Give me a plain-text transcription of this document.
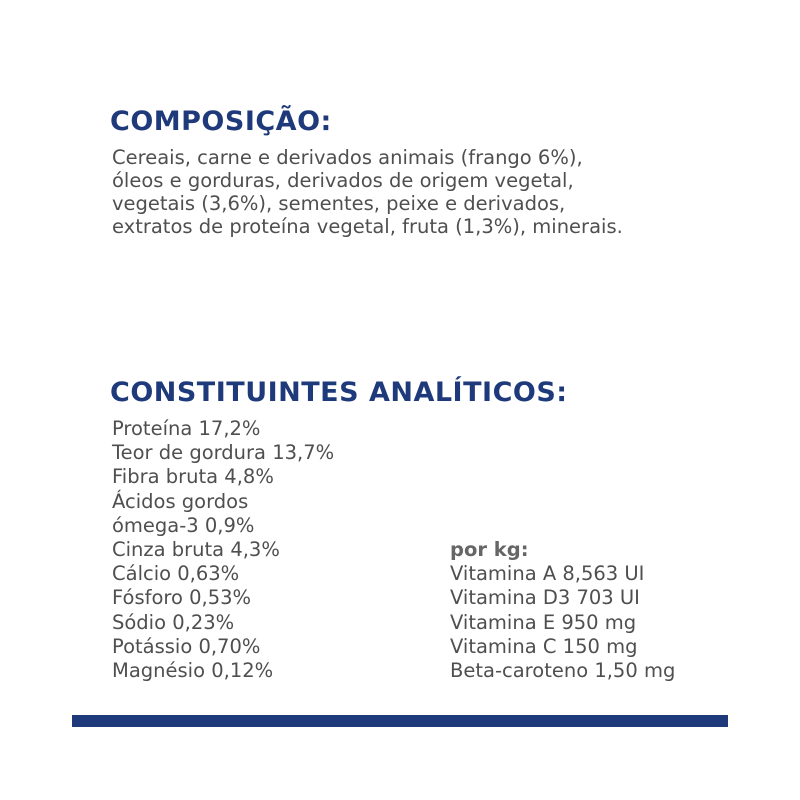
COMPOSIÇÃO:
Cereais, carne e derivados animais (frango 6%),
óleos e gorduras, derivados de origem vegetal,
vegetais (3,6%), sementes, peixe e derivados,
extratos de proteína vegetal, fruta (1,3%), minerais.
CONSTITUINTES ANALÍTICOS:
Proteína 17,2%
Teor de gordura 13,7%
Fibra bruta 4,8%
Ácidos gordos
ómega-3 0,9%
Cinza bruta 4,3%
Cálcio 0,63%
Fósforo 0,53%
Sódio 0,23%
Potássio 0,70%
Magnésio 0,12%
por kg:
Vitamina A 8,563 UI
Vitamina D3 703 UI
Vitamina E 950 mg
Vitamina C 150 mg
Beta-caroteno 1,50 mg
